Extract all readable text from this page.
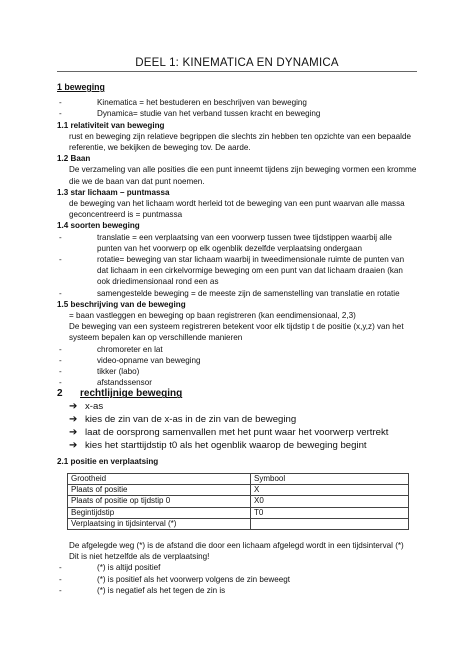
DEEL 1: KINEMATICA EN DYNAMICA

1 beweging

- Kinematica = het bestuderen en beschrijven van beweging

- Dynamica= studie van het verband tussen kracht en beweging

1.1 relativiteit van beweging

rust en beweging zijn relatieve begrippen die slechts zin hebben ten opzichte van een bepaalde referentie, we bekijken de beweging tov. De aarde.

1.2 Baan

De verzameling van alle posities die een punt inneemt tijdens zijn beweging vormen een kromme die we de baan van dat punt noemen.

1.3 star lichaam – puntmassa

de beweging van het lichaam wordt herleid tot de beweging van een punt waarvan alle massa geconcentreerd is = puntmassa

1.4 soorten beweging

- translatie = een verplaatsing van een voorwerp tussen twee tijdstippen waarbij alle punten van het voorwerp op elk ogenblik dezelfde verplaatsing ondergaan

- rotatie= beweging van star lichaam waarbij in tweedimensionale ruimte de punten van dat lichaam in een cirkelvormige beweging om een punt van dat lichaam draaien (kan ook driedimensionaal rond een as

- samengestelde beweging = de meeste zijn de samenstelling van translatie en rotatie

1.5 beschrijving van de beweging

= baan vastleggen en beweging op baan registreren (kan eendimensionaal, 2,3)

De beweging van een systeem registreren betekent voor elk tijdstip t de positie (x,y,z) van het systeem bepalen kan op verschillende manieren

- chromoreter en lat

- video-opname van beweging

- tikker (labo)

- afstandssensor

2 rechtlijnige beweging

➔ x-as

➔ kies de zin van de x-as in de zin van de beweging

➔ laat de oorsprong samenvallen met het punt waar het voorwerp vertrekt

➔ kies het starttijdstip t0 als het ogenblik waarop de beweging begint

2.1 positie en verplaatsing

Grootheid	Symbool
Plaats of positie	X
Plaats of positie op tijdstip 0	X0
Begintijdstip	T0
Verplaatsing in tijdsinterval (*)	

De afgelegde weg (*) is de afstand die door een lichaam afgelegd wordt in een tijdsinterval (*)

Dit is niet hetzelfde als de verplaatsing!

- (*) is altijd positief

- (*) is positief als het voorwerp volgens de zin beweegt

- (*) is negatief als het tegen de zin is
